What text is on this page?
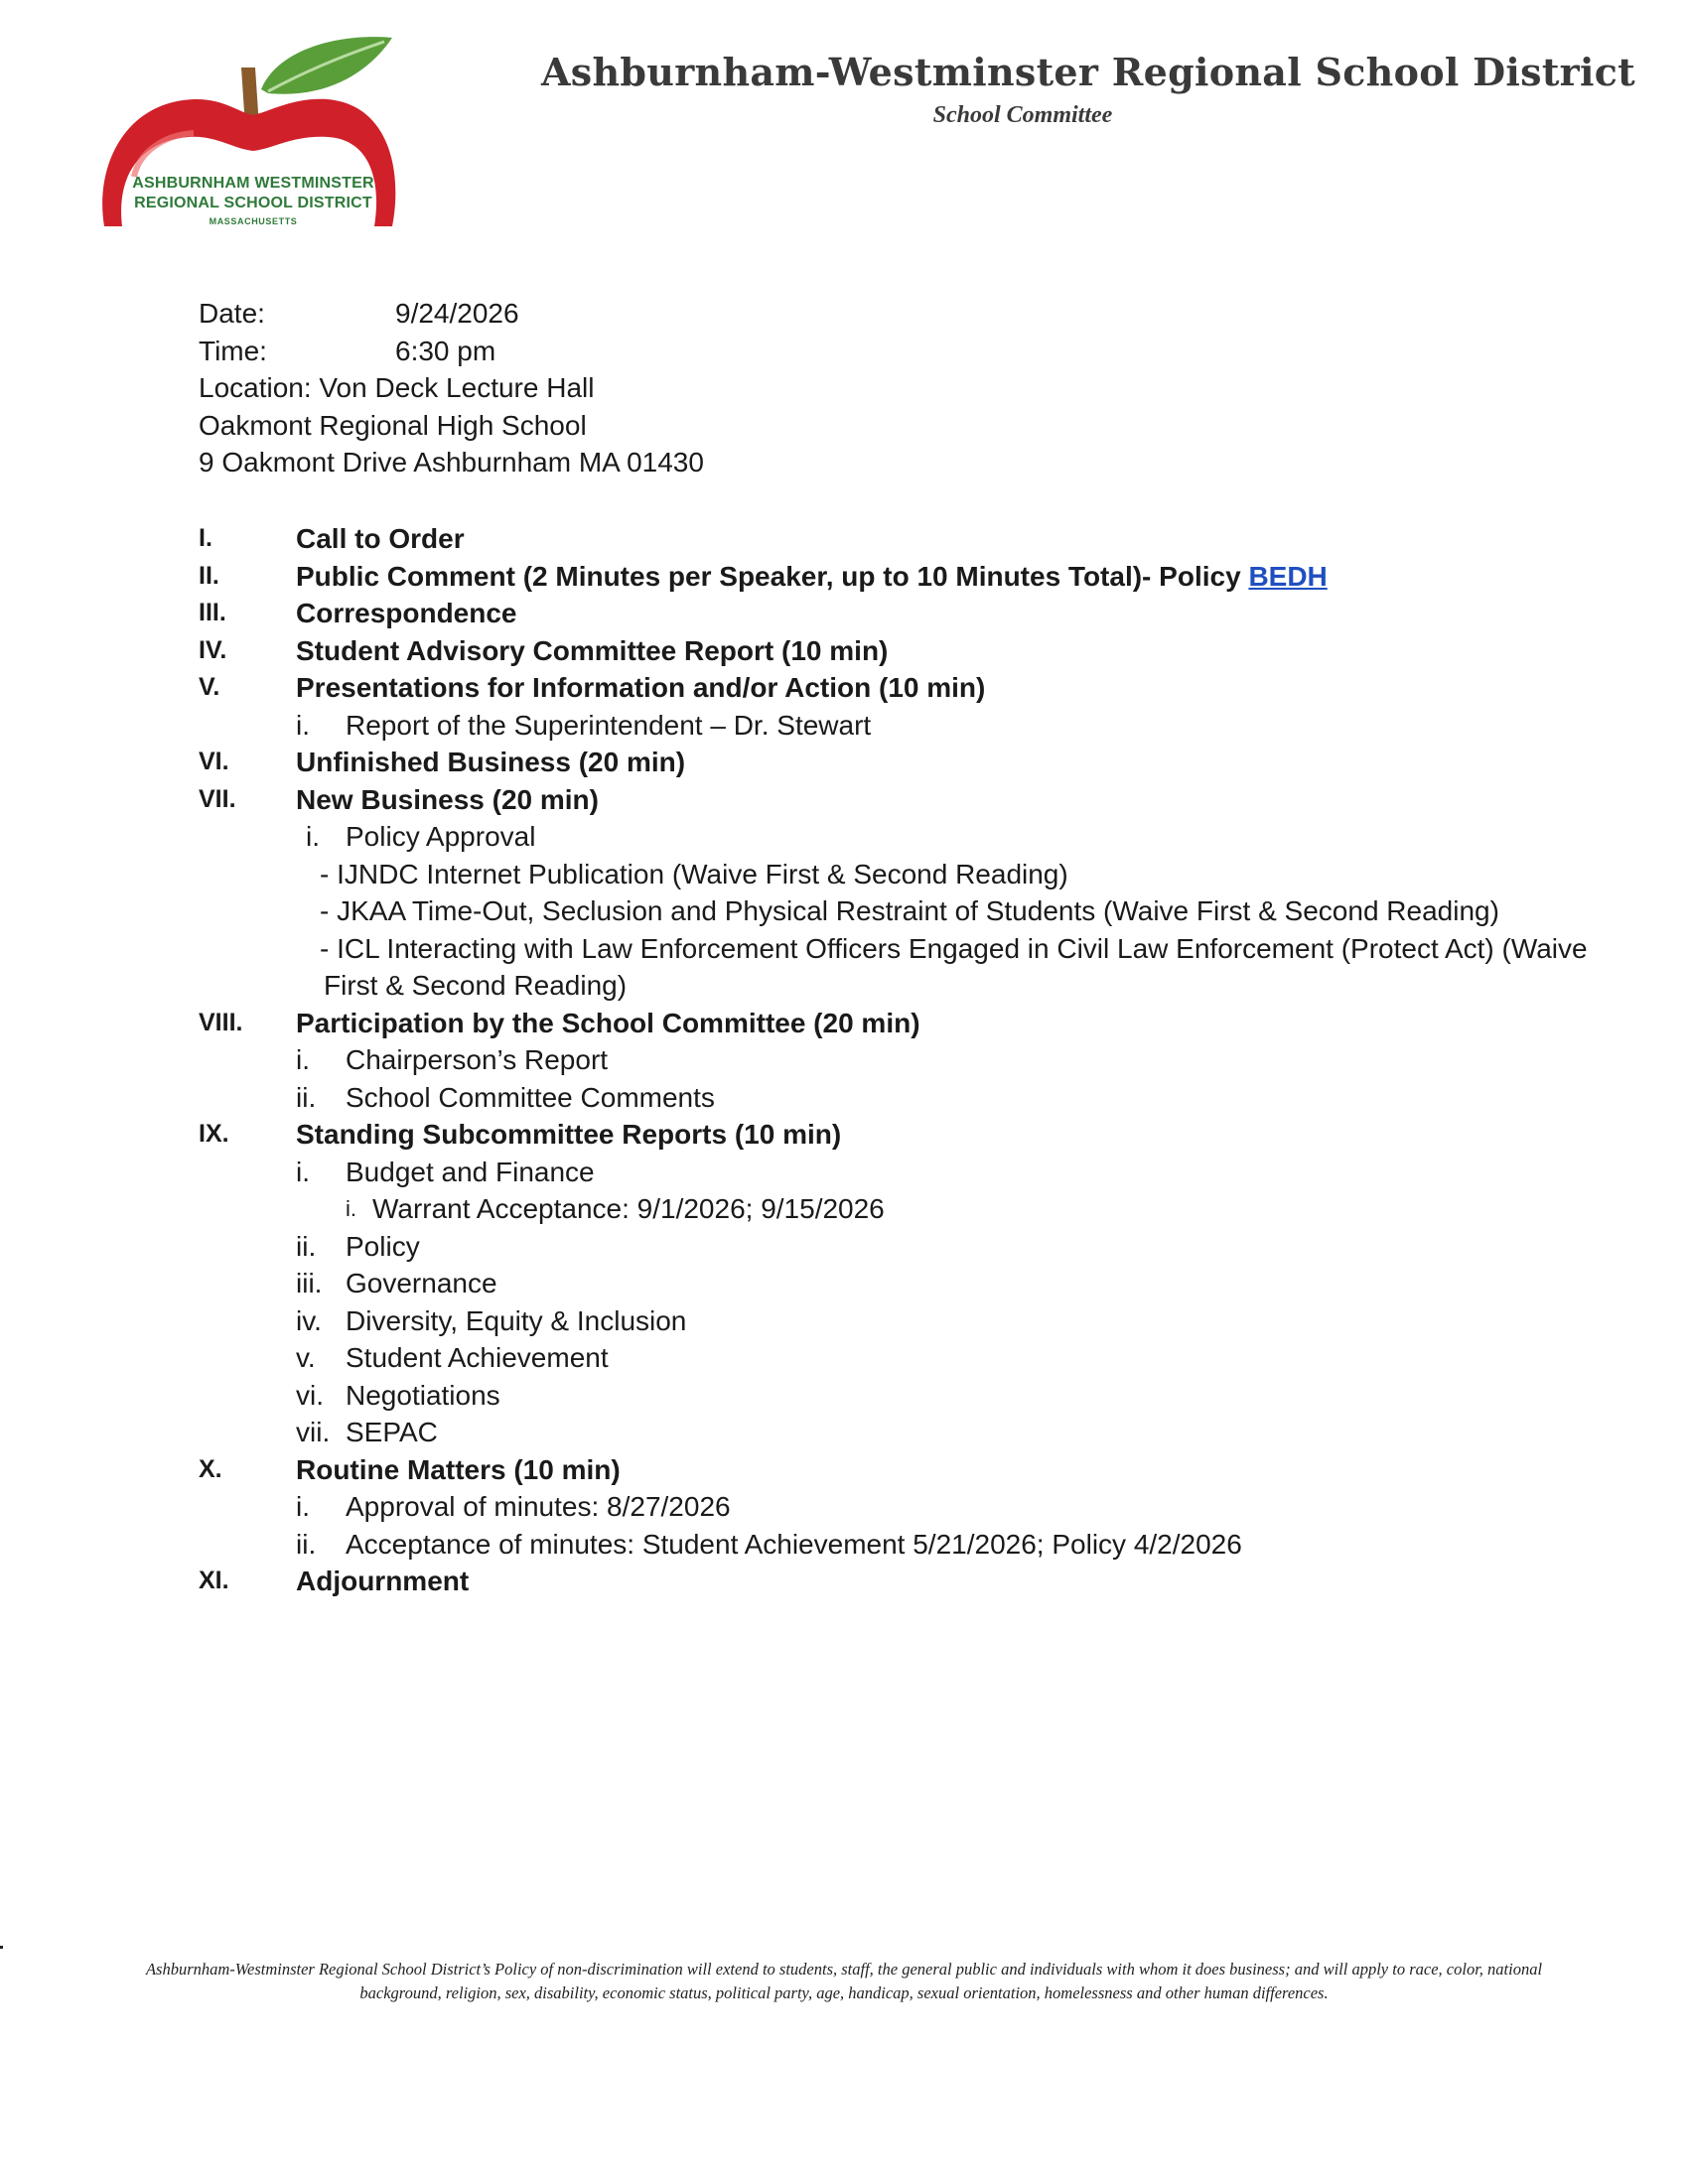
ASHBURNHAM WESTMINSTER
REGIONAL SCHOOL DISTRICT
MASSACHUSETTS
Ashburnham-Westminster Regional School District
School Committee
Date:	9/24/2026
Time:	6:30 pm
Location: Von Deck Lecture Hall
Oakmont Regional High School
9 Oakmont Drive Ashburnham MA 01430
I.	Call to Order
II.	Public Comment (2 Minutes per Speaker, up to 10 Minutes Total)- Policy BEDH
III.	Correspondence
IV. Student Advisory Committee Report (10 min)
V.	Presentations for Information and/or Action (10 min)
i.	Report of the Superintendent – Dr. Stewart
VI. Unfinished Business (20 min)
VII. New Business (20 min)
i. Policy Approval
- IJNDC Internet Publication (Waive First & Second Reading)
- JKAA Time-Out, Seclusion and Physical Restraint of Students (Waive First & Second Reading)
- ICL Interacting with Law Enforcement Officers Engaged in Civil Law Enforcement (Protect Act) (Waive
First & Second Reading)
VIII. Participation by the School Committee (20 min)
i.	Chairperson’s Report
ii.	School Committee Comments
IX. Standing Subcommittee Reports (10 min)
i.	Budget and Finance
i. Warrant Acceptance: 9/1/2026; 9/15/2026
ii.	Policy
iii. Governance
iv. Diversity, Equity & Inclusion
v.	Student Achievement
vi. Negotiations
vii. SEPAC
X.	Routine Matters (10 min)
i.	Approval of minutes: 8/27/2026
ii.	Acceptance of minutes: Student Achievement 5/21/2026; Policy 4/2/2026
XI. Adjournment
Ashburnham-Westminster Regional School District’s Policy of non-discrimination will extend to students, staff, the general public and individuals with whom it does business; and will apply to race, color, national
background, religion, sex, disability, economic status, political party, age, handicap, sexual orientation, homelessness and other human differences.
